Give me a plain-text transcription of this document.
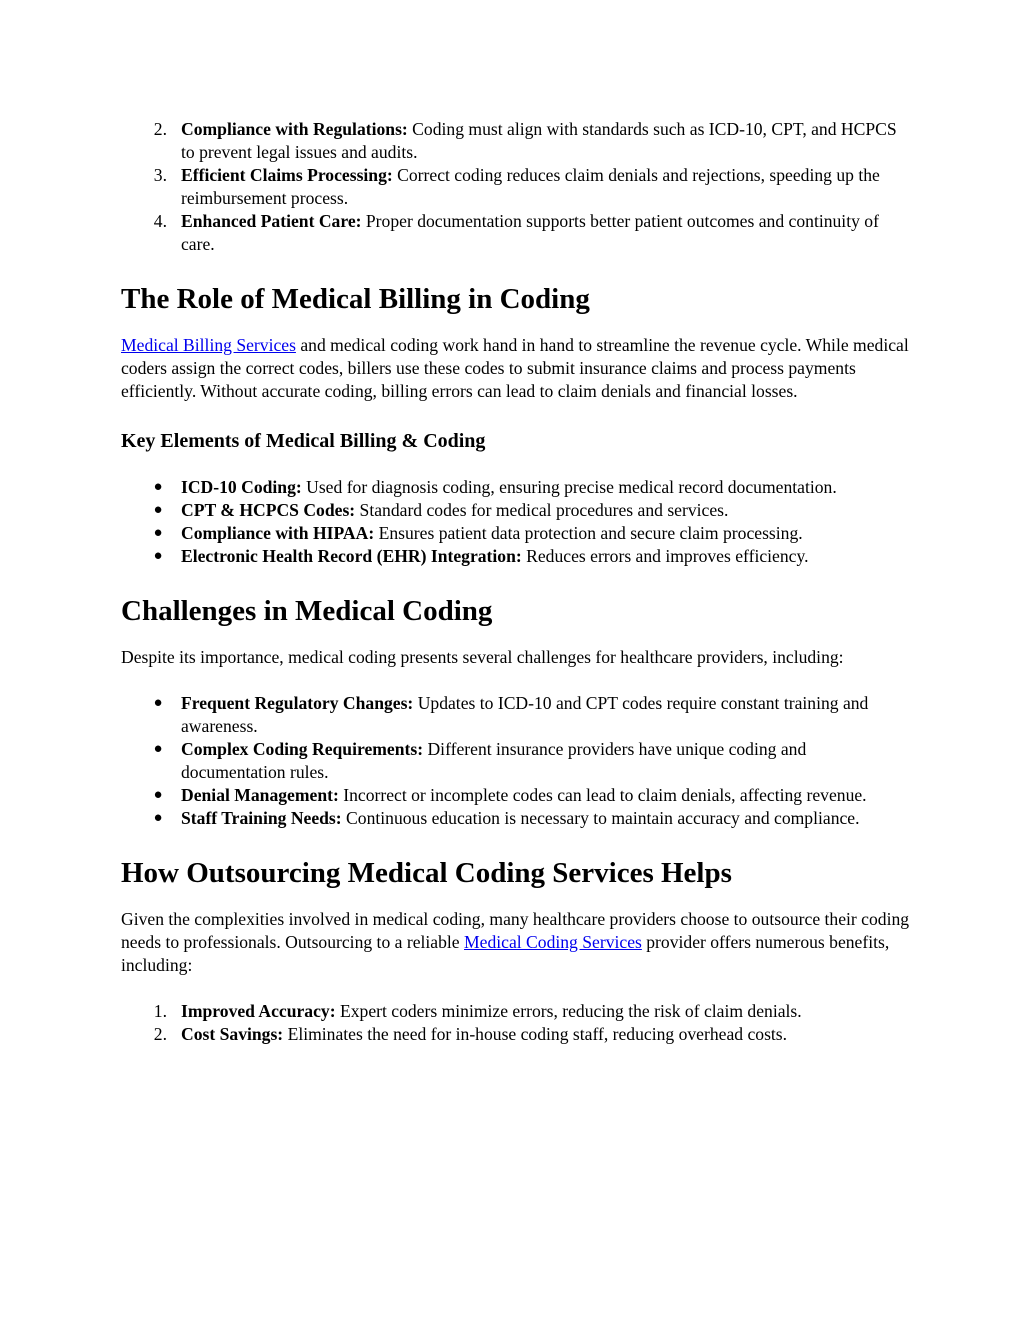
2. Compliance with Regulations: Coding must align with standards such as ICD-10, CPT, and HCPCS to prevent legal issues and audits.
3. Efficient Claims Processing: Correct coding reduces claim denials and rejections, speeding up the reimbursement process.
4. Enhanced Patient Care: Proper documentation supports better patient outcomes and continuity of care.
The Role of Medical Billing in Coding

Medical Billing Services and medical coding work hand in hand to streamline the revenue cycle. While medical coders assign the correct codes, billers use these codes to submit insurance claims and process payments efficiently. Without accurate coding, billing errors can lead to claim denials and financial losses.

Key Elements of Medical Billing & Coding
● ICD-10 Coding: Used for diagnosis coding, ensuring precise medical record documentation.
● CPT & HCPCS Codes: Standard codes for medical procedures and services.
● Compliance with HIPAA: Ensures patient data protection and secure claim processing.
● Electronic Health Record (EHR) Integration: Reduces errors and improves efficiency.
Challenges in Medical Coding

Despite its importance, medical coding presents several challenges for healthcare providers, including:

● Frequent Regulatory Changes: Updates to ICD-10 and CPT codes require constant training and awareness.
● Complex Coding Requirements: Different insurance providers have unique coding and documentation rules.
● Denial Management: Incorrect or incomplete codes can lead to claim denials, affecting revenue.
● Staff Training Needs: Continuous education is necessary to maintain accuracy and compliance.
How Outsourcing Medical Coding Services Helps

Given the complexities involved in medical coding, many healthcare providers choose to outsource their coding needs to professionals. Outsourcing to a reliable Medical Coding Services provider offers numerous benefits, including:

1. Improved Accuracy: Expert coders minimize errors, reducing the risk of claim denials.
2. Cost Savings: Eliminates the need for in-house coding staff, reducing overhead costs.
